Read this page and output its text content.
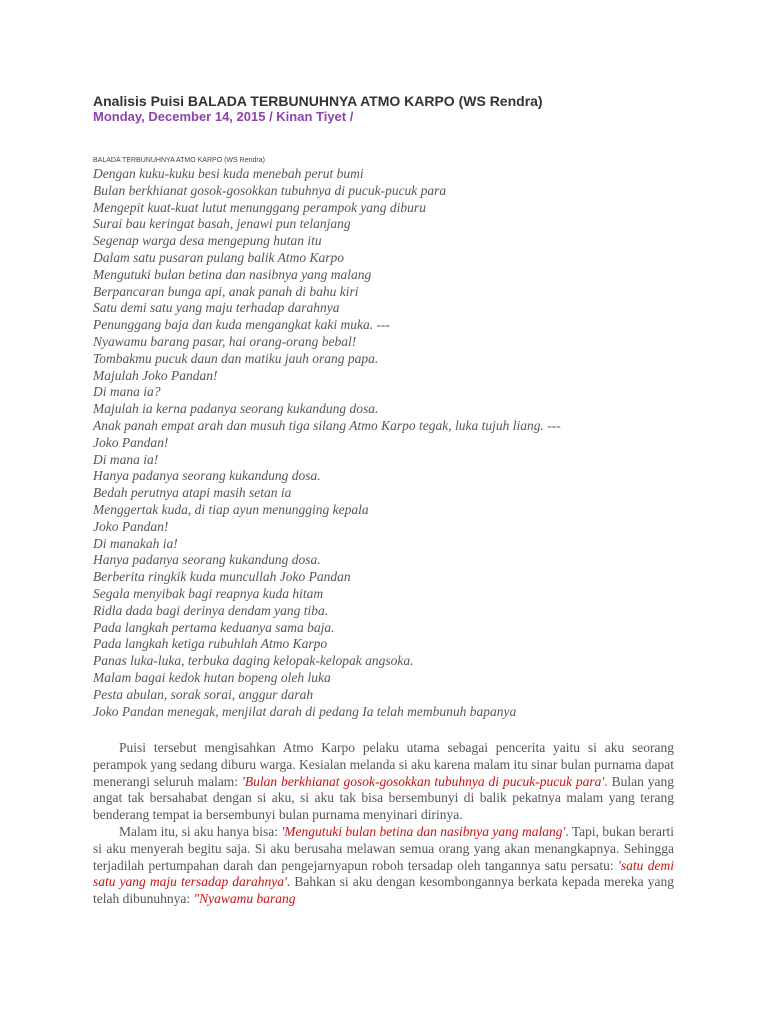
Analisis Puisi BALADA TERBUNUHNYA ATMO KARPO (WS Rendra)
Monday, December 14, 2015 / Kinan Tiyet /
BALADA TERBUNUHNYA ATMO KARPO (WS Rendra)
Dengan kuku-kuku besi kuda menebah perut bumi
Bulan berkhianat gosok-gosokkan tubuhnya di pucuk-pucuk para
Mengepit kuat-kuat lutut menunggang perampok yang diburu
Surai bau keringat basah, jenawi pun telanjang
Segenap warga desa mengepung hutan itu
Dalam satu pusaran pulang balik Atmo Karpo
Mengutuki bulan betina dan nasibnya yang malang
Berpancaran bunga api, anak panah di bahu kiri
Satu demi satu yang maju terhadap darahnya
Penunggang baja dan kuda mengangkat kaki muka. ---
Nyawamu barang pasar, hai orang-orang bebal!
Tombakmu pucuk daun dan matiku jauh orang papa.
Majulah Joko Pandan!
Di mana ia?
Majulah ia kerna padanya seorang kukandung dosa.
Anak panah empat arah dan musuh tiga silang Atmo Karpo tegak, luka tujuh liang. ---
Joko Pandan!
Di mana ia!
Hanya padanya seorang kukandung dosa.
Bedah perutnya atapi masih setan ia
Menggertak kuda, di tiap ayun menungging kepala
Joko Pandan!
Di manakah ia!
Hanya padanya seorang kukandung dosa.
Berberita ringkik kuda muncullah Joko Pandan
Segala menyibak bagi reapnya kuda hitam
Ridla dada bagi derinya dendam yang tiba.
Pada langkah pertama keduanya sama baja.
Pada langkah ketiga rubuhlah Atmo Karpo
Panas luka-luka, terbuka daging kelopak-kelopak angsoka.
Malam bagai kedok hutan bopeng oleh luka
Pesta abulan, sorak sorai, anggur darah
Joko Pandan menegak, menjilat darah di pedang Ia telah membunuh bapanya

Puisi tersebut mengisahkan Atmo Karpo pelaku utama sebagai pencerita yaitu si aku seorang perampok yang sedang diburu warga. Kesialan melanda si aku karena malam itu sinar bulan purnama dapat menerangi seluruh malam: 'Bulan berkhianat gosok-gosokkan tubuhnya di pucuk-pucuk para'. Bulan yang angat tak bersahabat dengan si aku, si aku tak bisa bersembunyi di balik pekatnya malam yang terang benderang tempat ia bersembunyi bulan purnama menyinari dirinya.

Malam itu, si aku hanya bisa: 'Mengutuki bulan betina dan nasibnya yang malang'. Tapi, bukan berarti si aku menyerah begitu saja. Si aku berusaha melawan semua orang yang akan menangkapnya. Sehingga terjadilah pertumpahan darah dan pengejarnyapun roboh tersadap oleh tangannya satu persatu: 'satu demi satu yang maju tersadap darahnya'. Bahkan si aku dengan kesombongannya berkata kepada mereka yang telah dibunuhnya: "Nyawamu barang
